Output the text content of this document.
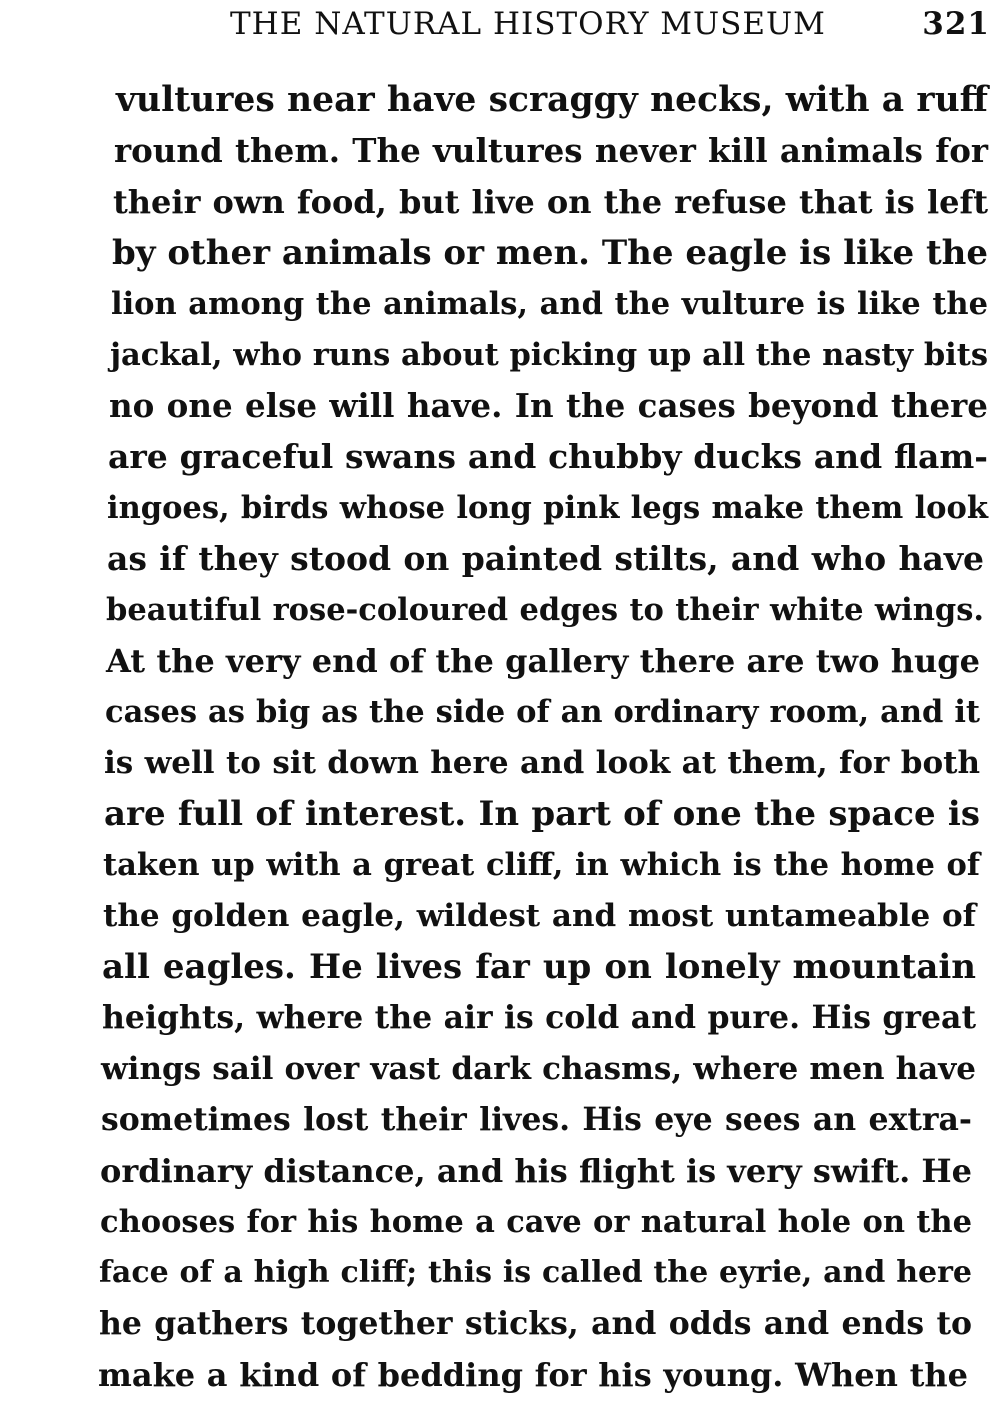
THE NATURAL HISTORY MUSEUM	321
vultures near have scraggy necks, with a ruff
round them. The vultures never kill animals for
their own food, but live on the refuse that is left
by other animals or men. The eagle is like the
lion among the animals, and the vulture is like the
jackal, who runs about picking up all the nasty bits
no one else will have. In the cases beyond there
are graceful swans and chubby ducks and flam-
ingoes, birds whose long pink legs make them look
as if they stood on painted stilts, and who have
beautiful rose-coloured edges to their white wings.
At the very end of the gallery there are two huge
cases as big as the side of an ordinary room, and it
is well to sit down here and look at them, for both
are full of interest. In part of one the space is
taken up with a great cliff, in which is the home of
the golden eagle, wildest and most untameable of
all eagles. He lives far up on lonely mountain
heights, where the air is cold and pure. His great
wings sail over vast dark chasms, where men have
sometimes lost their lives. His eye sees an extra-
ordinary distance, and his flight is very swift. He
chooses for his home a cave or natural hole on the
face of a high cliff; this is called the eyrie, and here
he gathers together sticks, and odds and ends to
make a kind of bedding for his young. When the
